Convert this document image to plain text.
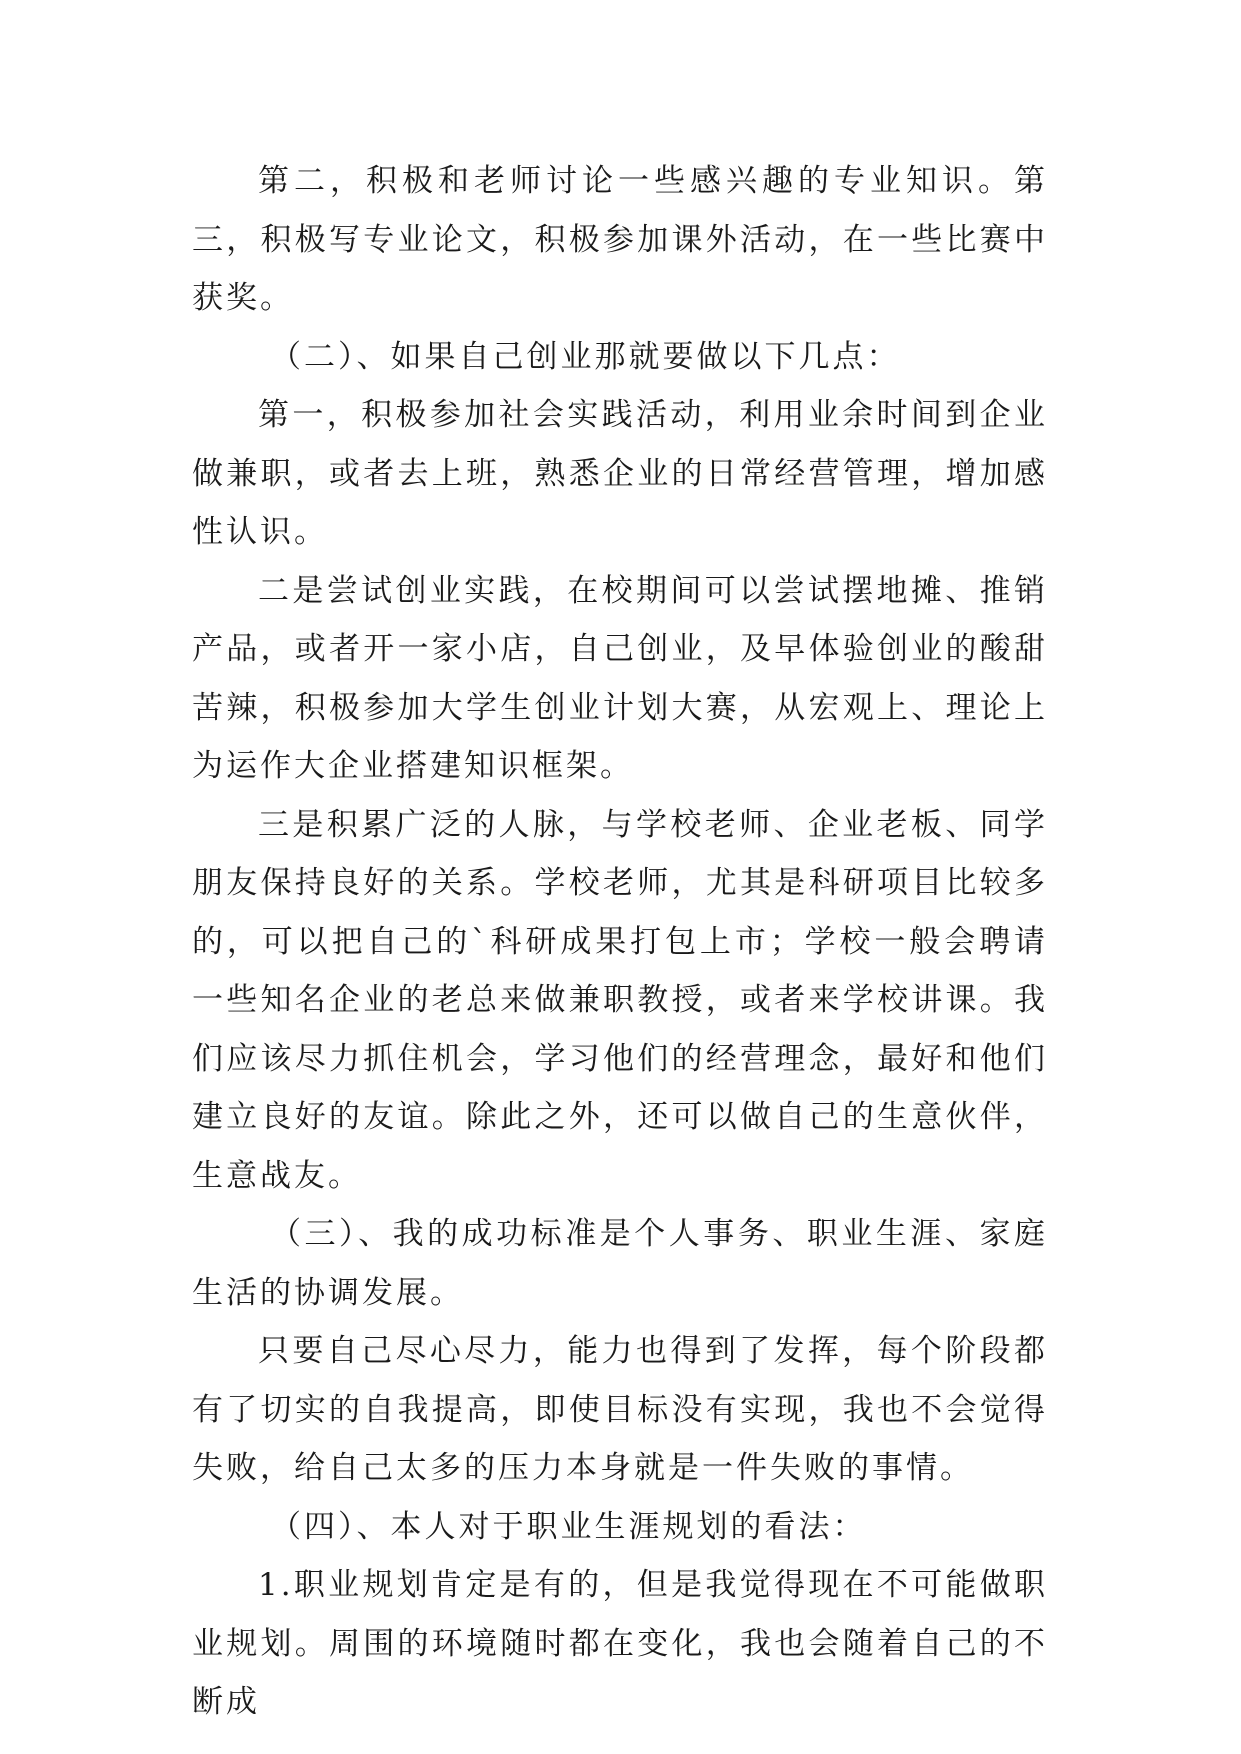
第二，积极和老师讨论一些感兴趣的专业知识。第三，积极写专业论文，积极参加课外活动，在一些比赛中获奖。

（二）、如果自己创业那就要做以下几点：

第一，积极参加社会实践活动，利用业余时间到企业做兼职，或者去上班，熟悉企业的日常经营管理，增加感性认识。

二是尝试创业实践，在校期间可以尝试摆地摊、推销产品，或者开一家小店，自己创业，及早体验创业的酸甜苦辣，积极参加大学生创业计划大赛，从宏观上、理论上为运作大企业搭建知识框架。

三是积累广泛的人脉，与学校老师、企业老板、同学朋友保持良好的关系。学校老师，尤其是科研项目比较多的，可以把自己的`科研成果打包上市；学校一般会聘请一些知名企业的老总来做兼职教授，或者来学校讲课。我们应该尽力抓住机会，学习他们的经营理念，最好和他们建立良好的友谊。除此之外，还可以做自己的生意伙伴，生意战友。

（三）、我的成功标准是个人事务、职业生涯、家庭生活的协调发展。

只要自己尽心尽力，能力也得到了发挥，每个阶段都有了切实的自我提高，即使目标没有实现，我也不会觉得失败，给自己太多的压力本身就是一件失败的事情。

（四）、本人对于职业生涯规划的看法：

1.职业规划肯定是有的，但是我觉得现在不可能做职业规划。周围的环境随时都在变化，我也会随着自己的不断成
